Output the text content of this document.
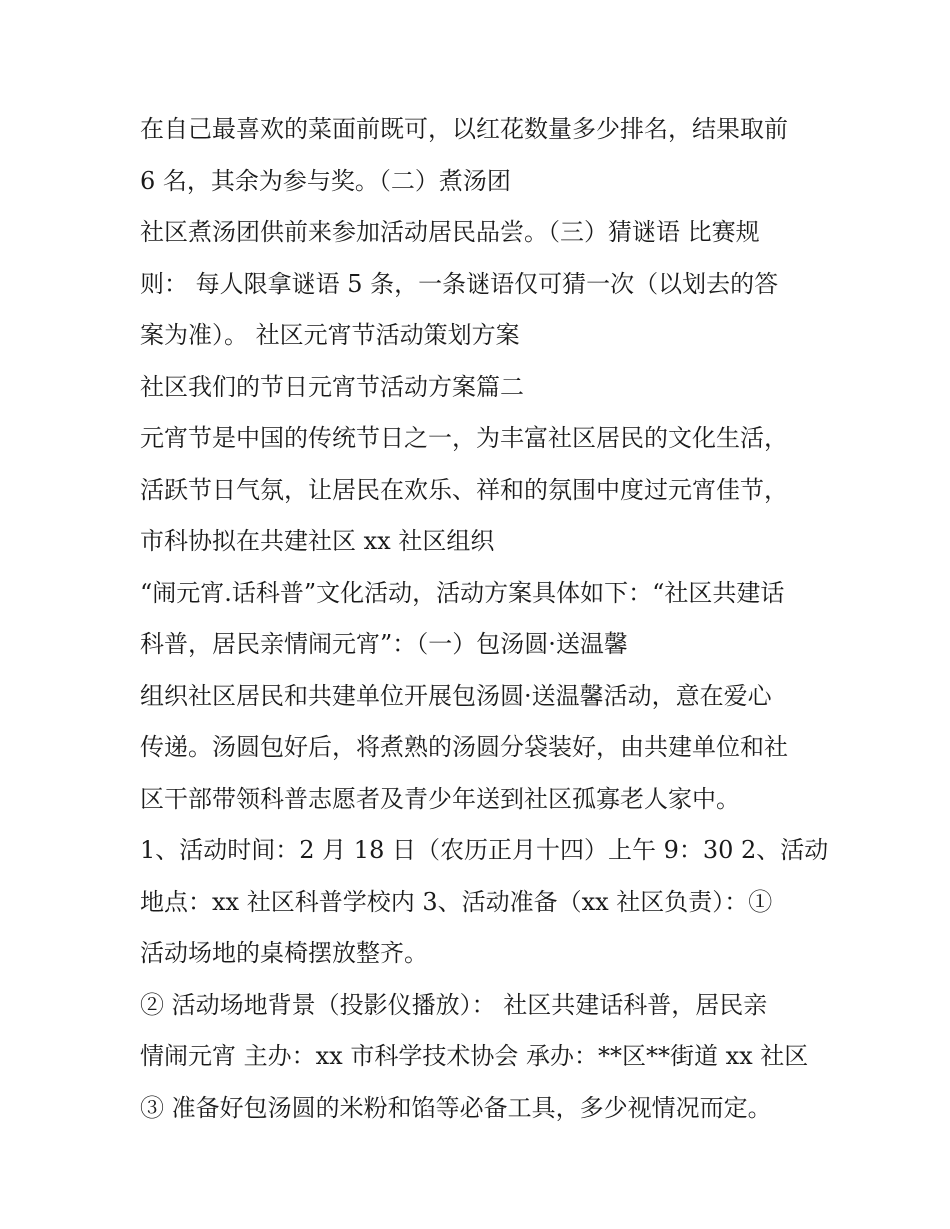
在自己最喜欢的菜面前既可，以红花数量多少排名，结果取前
6 名，其余为参与奖。（二）煮汤团
社区煮汤团供前来参加活动居民品尝。（三）猜谜语 比赛规
则： 每人限拿谜语 5 条，一条谜语仅可猜一次（以划去的答
案为准）。 社区元宵节活动策划方案
社区我们的节日元宵节活动方案篇二
元宵节是中国的传统节日之一，为丰富社区居民的文化生活，
活跃节日气氛，让居民在欢乐、祥和的氛围中度过元宵佳节，
市科协拟在共建社区 xx 社区组织
“闹元宵.话科普”文化活动，活动方案具体如下：“社区共建话
科普，居民亲情闹元宵”：（一）包汤圆·送温馨
组织社区居民和共建单位开展包汤圆·送温馨活动，意在爱心
传递。汤圆包好后，将煮熟的汤圆分袋装好，由共建单位和社
区干部带领科普志愿者及青少年送到社区孤寡老人家中。
1、活动时间：2 月 18 日（农历正月十四）上午 9：30 2、活动
地点：xx 社区科普学校内 3、活动准备（xx 社区负责）：①
活动场地的桌椅摆放整齐。
② 活动场地背景（投影仪播放）： 社区共建话科普，居民亲
情闹元宵 主办：xx 市科学技术协会 承办：**区**街道 xx 社区
③ 准备好包汤圆的米粉和馅等必备工具，多少视情况而定。
